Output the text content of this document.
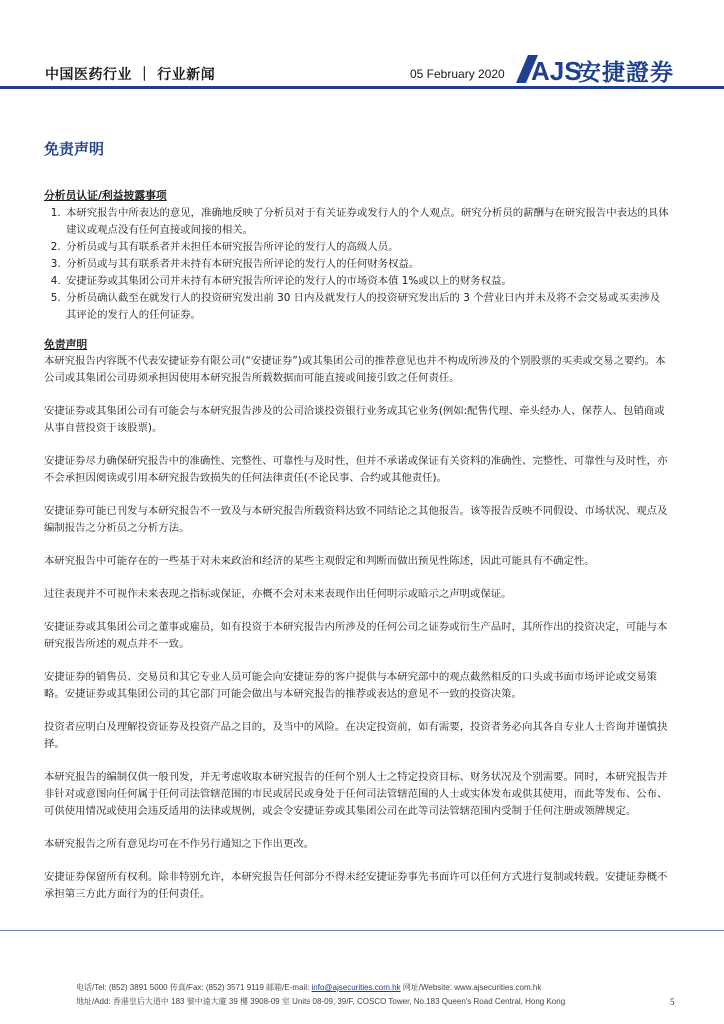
中国医药行业 ｜ 行业新闻	05 February 2020 AJS
安捷證券
免责声明
分析员认证/利益披露事项
1. 本研究报告中所表达的意见，准确地反映了分析员对于有关证券或发行人的个人观点。研究分析员的薪酬与在研究报告中表达的具体建议或观点没有任何直接或间接的相关。
2. 分析员或与其有联系者并未担任本研究报告所评论的发行人的高级人员。
3. 分析员或与其有联系者并未持有本研究报告所评论的发行人的任何财务权益。
4. 安捷证券或其集团公司并未持有本研究报告所评论的发行人的市场资本值 1%或以上的财务权益。
5. 分析员确认截至在就发行人的投资研究发出前 30 日内及就发行人的投资研究发出后的 3 个营业日内并未及将不会交易或买卖涉及其评论的发行人的任何证券。
免责声明

本研究报告内容既不代表安捷证券有限公司(“安捷证券”)或其集团公司的推荐意见也并不构成所涉及的个别股票的买卖或交易之要约。本公司或其集团公司毋须承担因使用本研究报告所载数据而可能直接或间接引致之任何责任。

安捷证券或其集团公司有可能会与本研究报告涉及的公司洽谈投资银行业务或其它业务(例如:配售代理、牵头经办人、保荐人、包销商或从事自营投资于该股票)。

安捷证券尽力确保研究报告中的准确性、完整性、可靠性与及时性，但并不承诺或保证有关资料的准确性、完整性、可靠性与及时性，亦不会承担因阅读或引用本研究报告致损失的任何法律责任(不论民事、合约或其他责任)。

安捷证券可能已刊发与本研究报告不一致及与本研究报告所载资料达致不同结论之其他报告。该等报告反映不同假设、市场状况、观点及编制报告之分析员之分析方法。

本研究报告中可能存在的一些基于对未来政治和经济的某些主观假定和判断而做出预见性陈述，因此可能具有不确定性。

过往表现并不可视作未来表现之指标或保证，亦概不会对未来表现作出任何明示或暗示之声明或保证。

安捷证券或其集团公司之董事或雇员，如有投资于本研究报告内所涉及的任何公司之证券或衍生产品时，其所作出的投资决定，可能与本研究报告所述的观点并不一致。

安捷证券的销售员、交易员和其它专业人员可能会向安捷证券的客户提供与本研究部中的观点截然相反的口头或书面市场评论或交易策略。安捷证券或其集团公司的其它部门可能会做出与本研究报告的推荐或表达的意见不一致的投资决策。

投资者应明白及理解投资证券及投资产品之目的，及当中的风险。在决定投资前，如有需要，投资者务必向其各自专业人士咨询并谨慎抉择。

本研究报告的编制仅供一般刊发，并无考虑收取本研究报告的任何个别人士之特定投资目标、财务状况及个别需要。同时，本研究报告并非针对或意图向任何属于任何司法管辖范围的市民或居民或身处于任何司法管辖范围的人士或实体发布或供其使用，而此等发布、公布、可供使用情况或使用会违反适用的法律或规例，或会令安捷证券或其集团公司在此等司法管辖范围内受制于任何注册或领牌规定。

本研究报告之所有意见均可在不作另行通知之下作出更改。

安捷证券保留所有权利。除非特别允许，本研究报告任何部分不得未经安捷证券事先书面许可以任何方式进行复制或转载。安捷证券概不承担第三方此方面行为的任何责任。

电话/Tel: (852) 3891 5000 传真/Fax: (852) 3571 9119 邮箱/E-mail: info@ajsecurities.com.hk 网址/Website: www.ajsecurities.com.hk
地址/Add: 香港皇后大道中 183 號中遠大廈 39 樓 3908-09 室 Units 08-09, 39/F, COSCO Tower, No.183 Queen's Road Central, Hong Kong	5
